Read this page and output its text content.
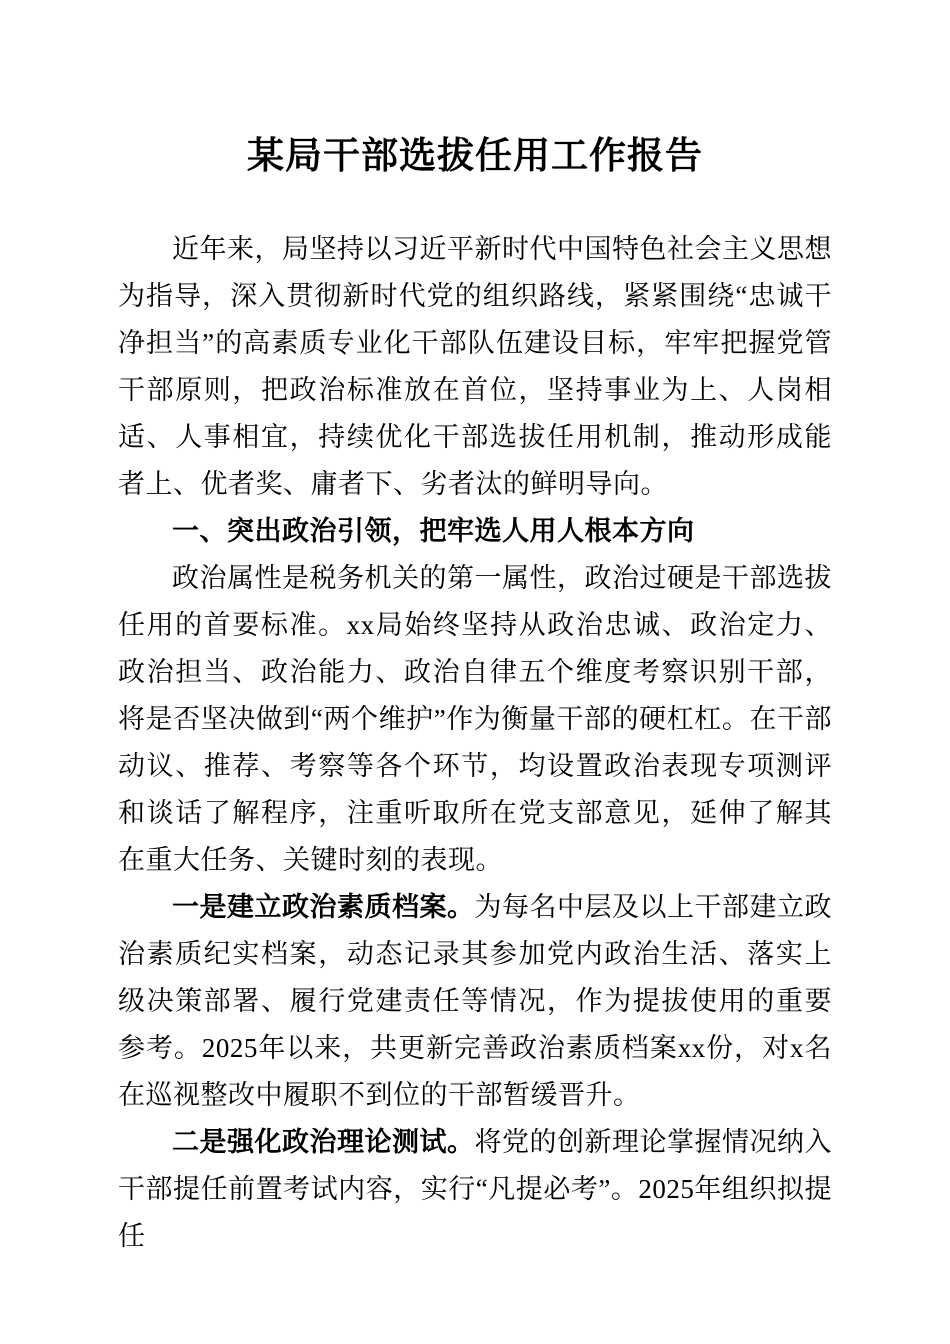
某局干部选拔任用工作报告

近年来，局坚持以习近平新时代中国特色社会主义思想为指导，深入贯彻新时代党的组织路线，紧紧围绕“忠诚干净担当”的高素质专业化干部队伍建设目标，牢牢把握党管干部原则，把政治标准放在首位，坚持事业为上、人岗相适、人事相宜，持续优化干部选拔任用机制，推动形成能者上、优者奖、庸者下、劣者汰的鲜明导向。

一、突出政治引领，把牢选人用人根本方向

政治属性是税务机关的第一属性，政治过硬是干部选拔任用的首要标准。xx局始终坚持从政治忠诚、政治定力、政治担当、政治能力、政治自律五个维度考察识别干部，将是否坚决做到“两个维护”作为衡量干部的硬杠杠。在干部动议、推荐、考察等各个环节，均设置政治表现专项测评和谈话了解程序，注重听取所在党支部意见，延伸了解其在重大任务、关键时刻的表现。

一是建立政治素质档案。为每名中层及以上干部建立政治素质纪实档案，动态记录其参加党内政治生活、落实上级决策部署、履行党建责任等情况，作为提拔使用的重要参考。2025年以来，共更新完善政治素质档案xx份，对x名在巡视整改中履职不到位的干部暂缓晋升。

二是强化政治理论测试。将党的创新理论掌握情况纳入干部提任前置考试内容，实行“凡提必考”。2025年组织拟提任
